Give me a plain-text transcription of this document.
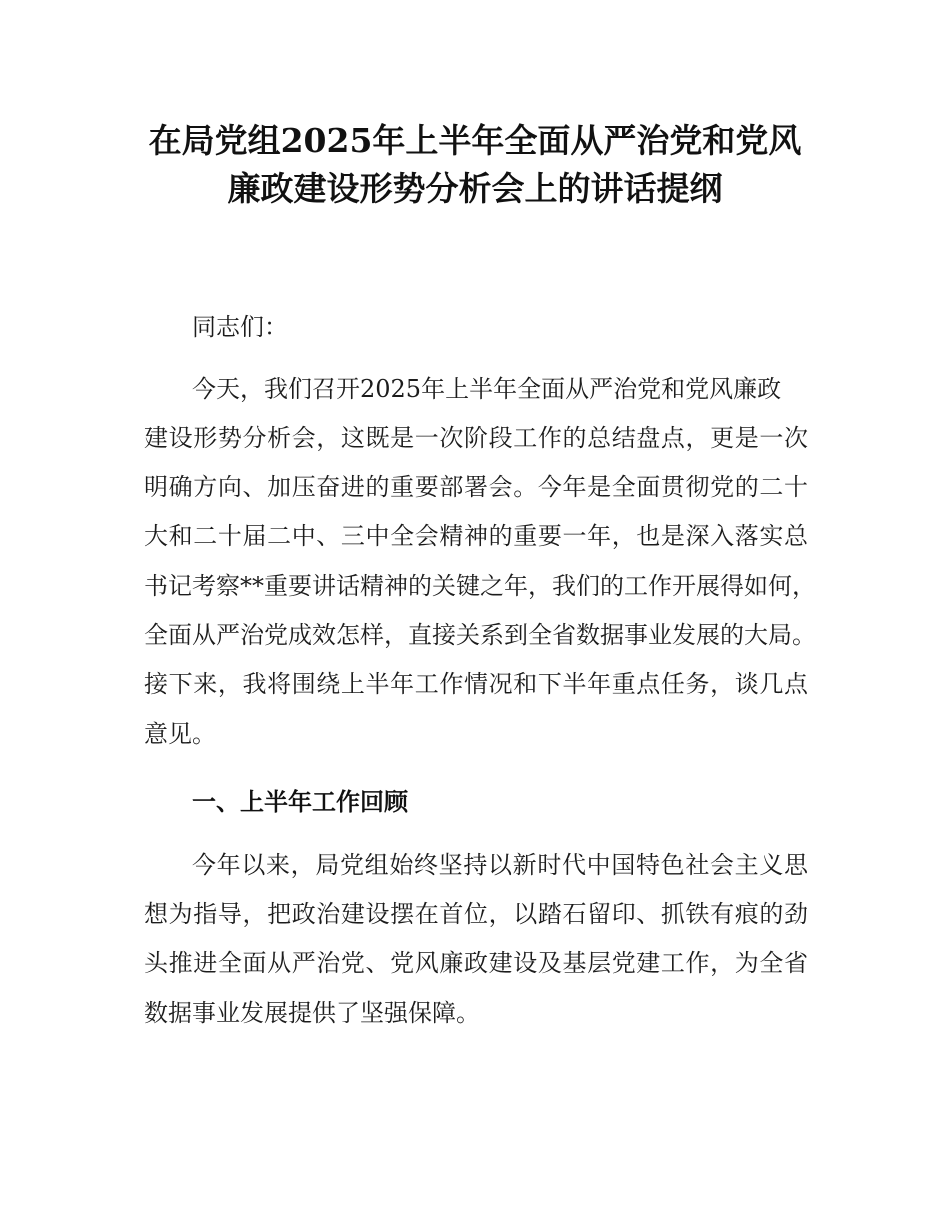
在局党组2025年上半年全面从严治党和党风
廉政建设形势分析会上的讲话提纲
同志们：
今天，我们召开2025年上半年全面从严治党和党风廉政
建设形势分析会，这既是一次阶段工作的总结盘点，更是一次
明确方向、加压奋进的重要部署会。今年是全面贯彻党的二十
大和二十届二中、三中全会精神的重要一年，也是深入落实总
书记考察**重要讲话精神的关键之年，我们的工作开展得如何，
全面从严治党成效怎样，直接关系到全省数据事业发展的大局。
接下来，我将围绕上半年工作情况和下半年重点任务，谈几点
意见。
一、上半年工作回顾
今年以来，局党组始终坚持以新时代中国特色社会主义思
想为指导，把政治建设摆在首位，以踏石留印、抓铁有痕的劲
头推进全面从严治党、党风廉政建设及基层党建工作，为全省
数据事业发展提供了坚强保障。
